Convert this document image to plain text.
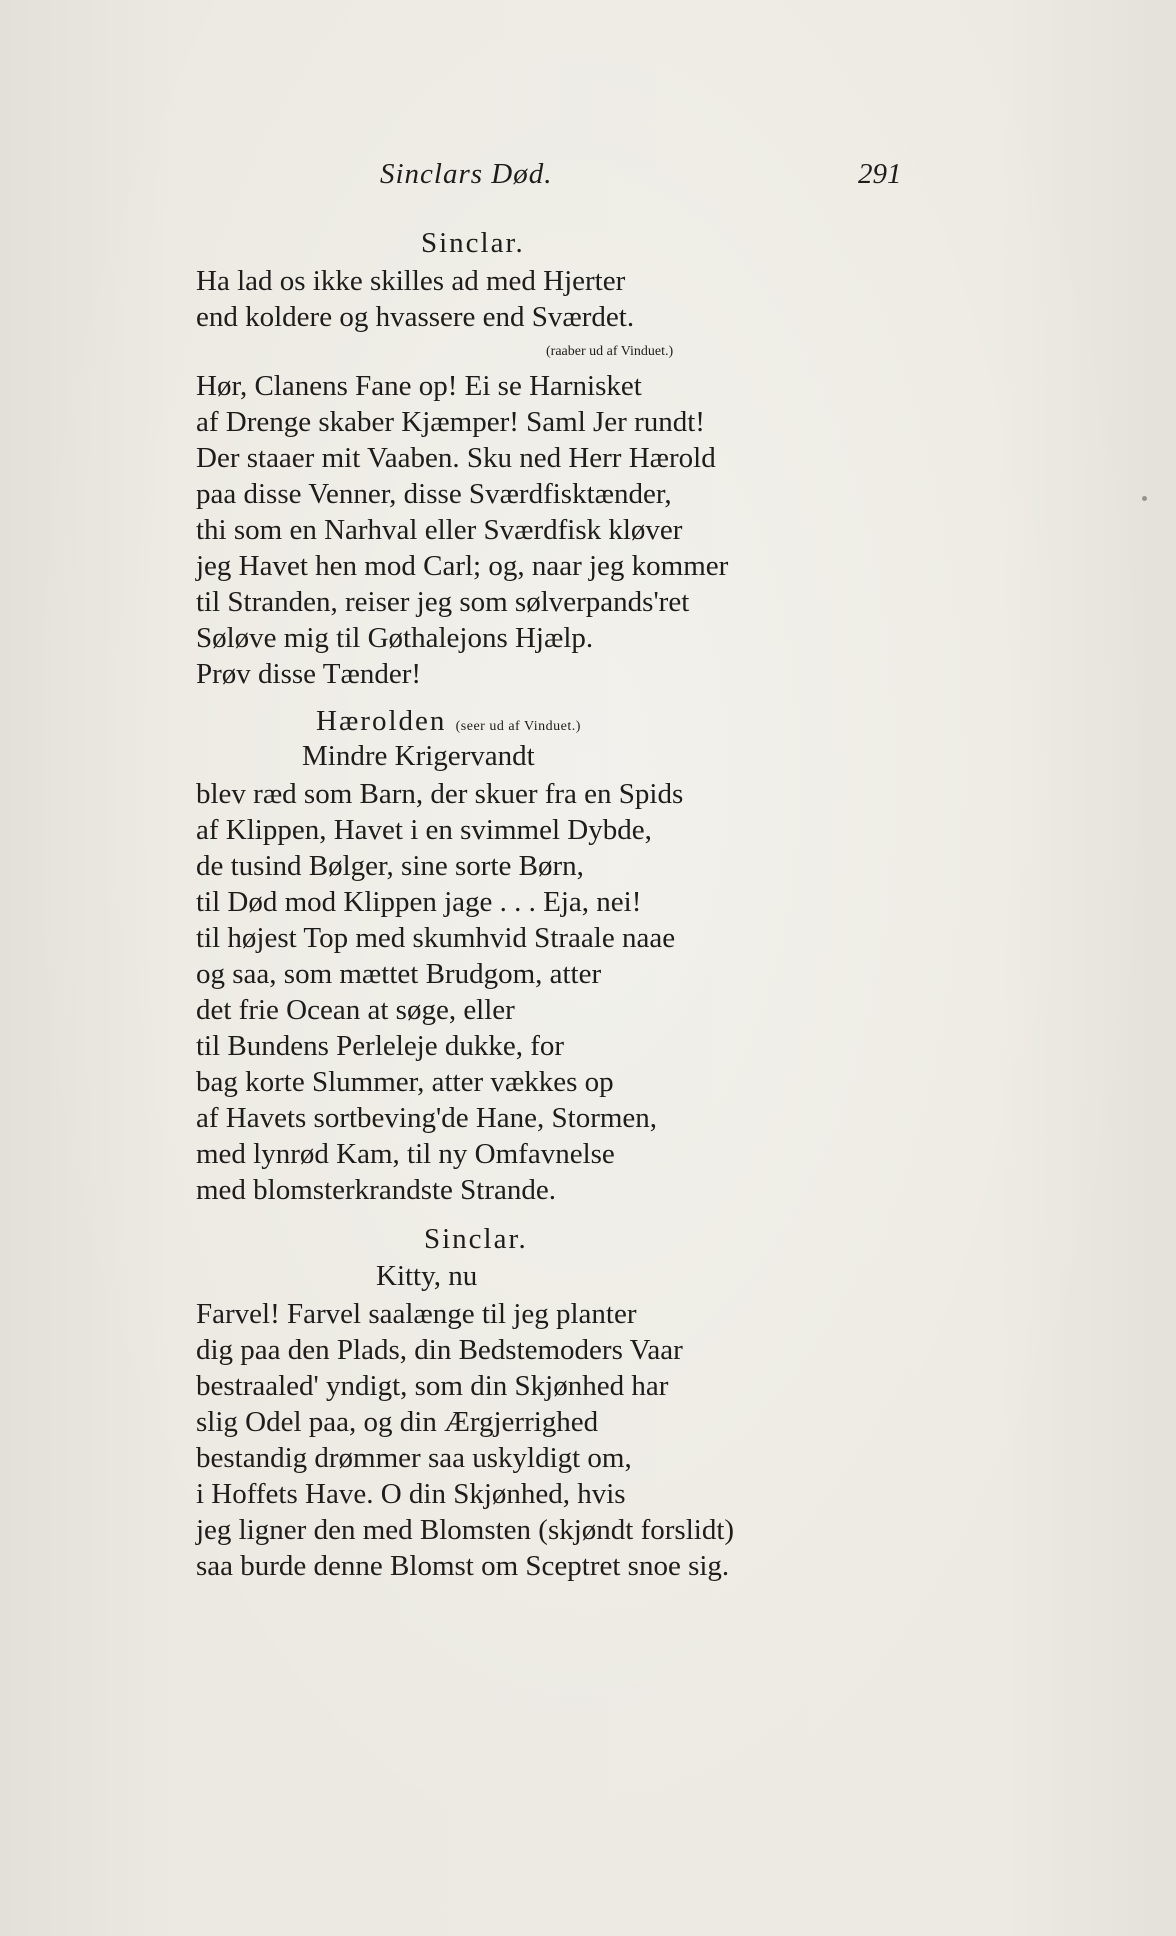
Sinclars Død.	291
Sinclar.
Ha lad os ikke skilles ad med Hjerter
end koldere og hvassere end Sværdet.
(raaber ud af Vinduet.)
Hør, Clanens Fane op! Ei se Harnisket
af Drenge skaber Kjæmper! Saml Jer rundt!
Der staaer mit Vaaben. Sku ned Herr Hærold
paa disse Venner, disse Sværdfisktænder,
thi som en Narhval eller Sværdfisk kløver
jeg Havet hen mod Carl; og, naar jeg kommer
til Stranden, reiser jeg som sølverpands'ret
Søløve mig til Gøthalejons Hjælp.
Prøv disse Tænder!
Hærolden (seer ud af Vinduet.)
Mindre Krigervandt
blev ræd som Barn, der skuer fra en Spids
af Klippen, Havet i en svimmel Dybde,
de tusind Bølger, sine sorte Børn,
til Død mod Klippen jage . . . Eja, nei!
til højest Top med skumhvid Straale naae
og saa, som mættet Brudgom, atter
det frie Ocean at søge, eller
til Bundens Perleleje dukke, for
bag korte Slummer, atter vækkes op
af Havets sortbeving'de Hane, Stormen,
med lynrød Kam, til ny Omfavnelse
med blomsterkrandste Strande.
Sinclar.
Kitty, nu
Farvel! Farvel saalænge til jeg planter
dig paa den Plads, din Bedstemoders Vaar
bestraaled' yndigt, som din Skjønhed har
slig Odel paa, og din Ærgjerrighed
bestandig drømmer saa uskyldigt om,
i Hoffets Have. O din Skjønhed, hvis
jeg ligner den med Blomsten (skjøndt forslidt)
saa burde denne Blomst om Sceptret snoe sig.
